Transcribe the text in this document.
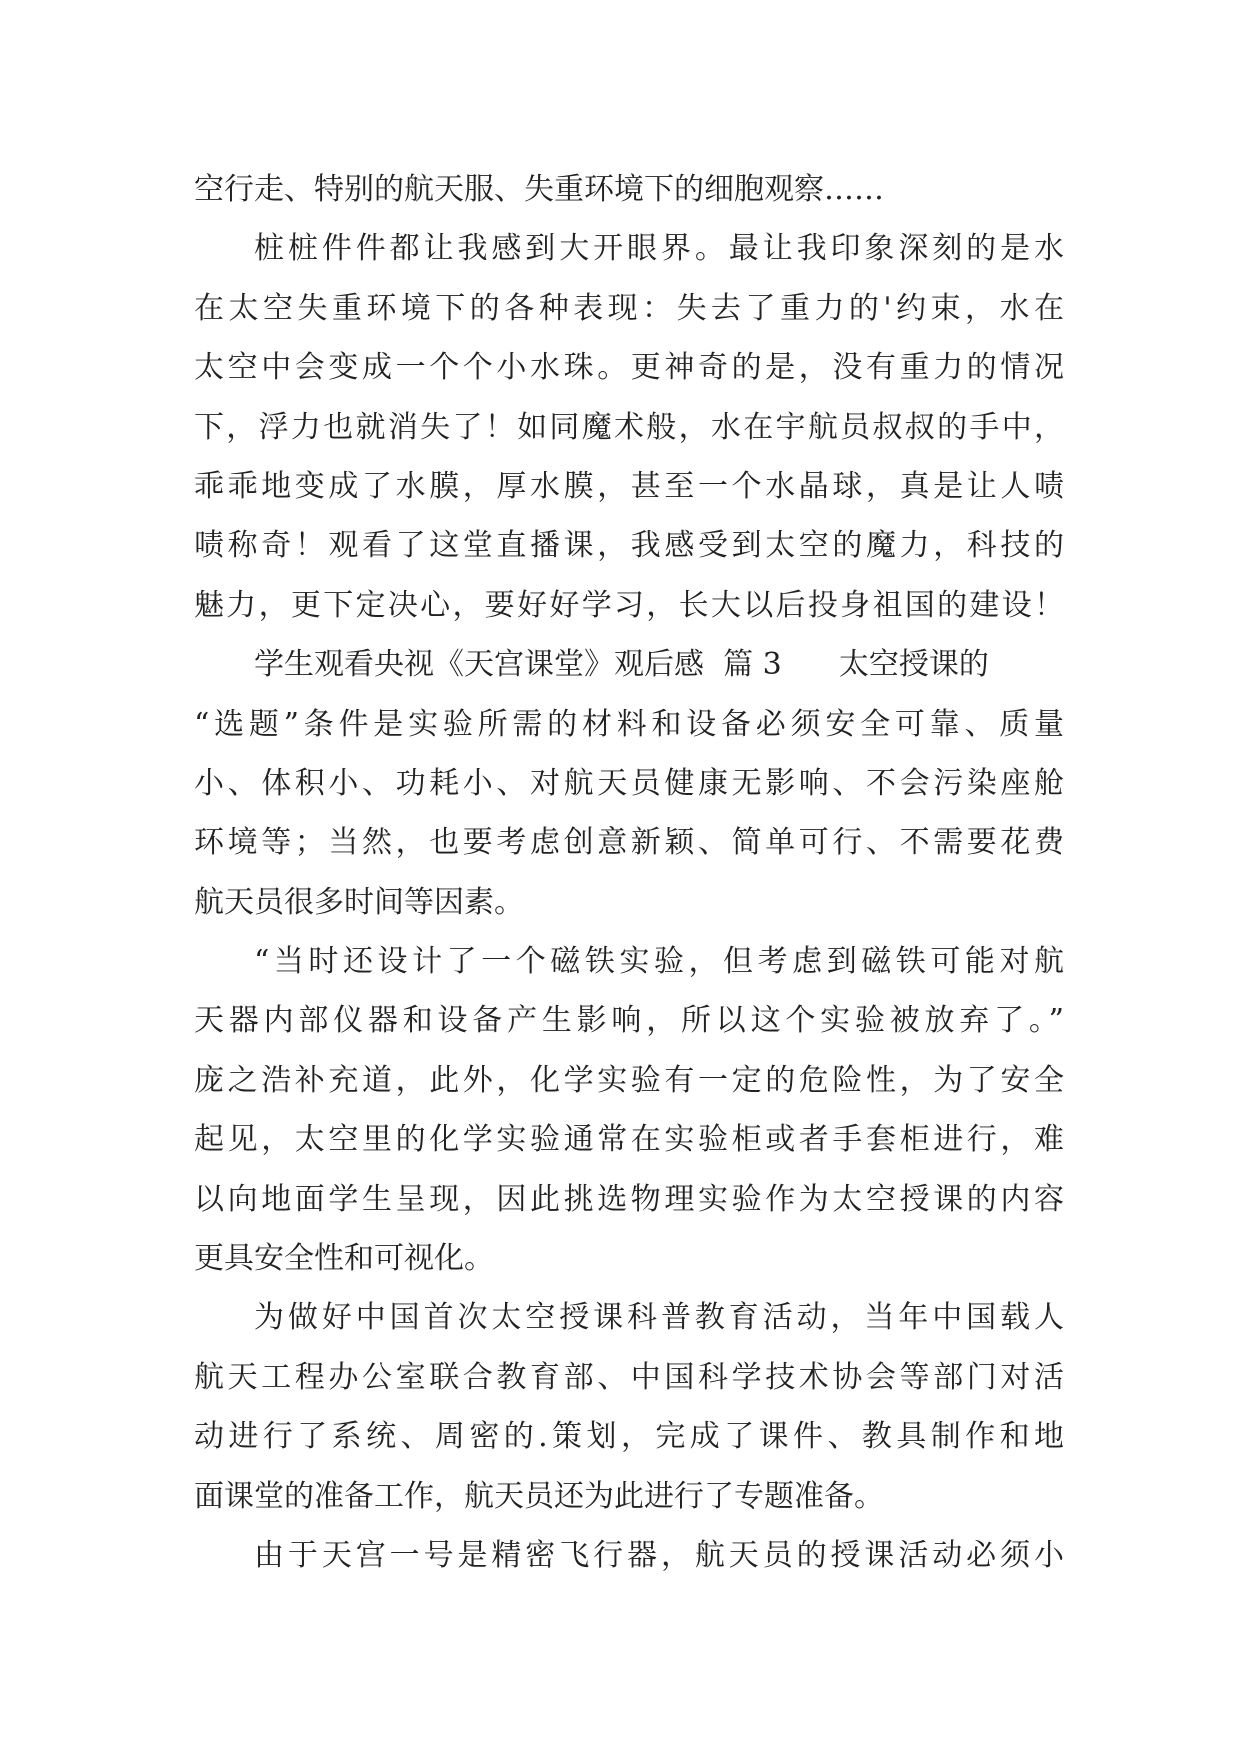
空行走、特别的航天服、失重环境下的细胞观察……
桩桩件件都让我感到大开眼界。最让我印象深刻的是水
在太空失重环境下的各种表现：失去了重力的'约束，水在
太空中会变成一个个小水珠。更神奇的是，没有重力的情况
下，浮力也就消失了！如同魔术般，水在宇航员叔叔的手中，
乖乖地变成了水膜，厚水膜，甚至一个水晶球，真是让人啧
啧称奇！观看了这堂直播课，我感受到太空的魔力，科技的
魅力，更下定决心，要好好学习，长大以后投身祖国的建设！
学生观看央视《天宫课堂》观后感  篇 3      太空授课的
“选题”条件是实验所需的材料和设备必须安全可靠、质量
小、体积小、功耗小、对航天员健康无影响、不会污染座舱
环境等；当然，也要考虑创意新颖、简单可行、不需要花费
航天员很多时间等因素。
“当时还设计了一个磁铁实验，但考虑到磁铁可能对航
天器内部仪器和设备产生影响，所以这个实验被放弃了。”
庞之浩补充道，此外，化学实验有一定的危险性，为了安全
起见，太空里的化学实验通常在实验柜或者手套柜进行，难
以向地面学生呈现，因此挑选物理实验作为太空授课的内容
更具安全性和可视化。
为做好中国首次太空授课科普教育活动，当年中国载人
航天工程办公室联合教育部、中国科学技术协会等部门对活
动进行了系统、周密的.策划，完成了课件、教具制作和地
面课堂的准备工作，航天员还为此进行了专题准备。
由于天宫一号是精密飞行器，航天员的授课活动必须小
